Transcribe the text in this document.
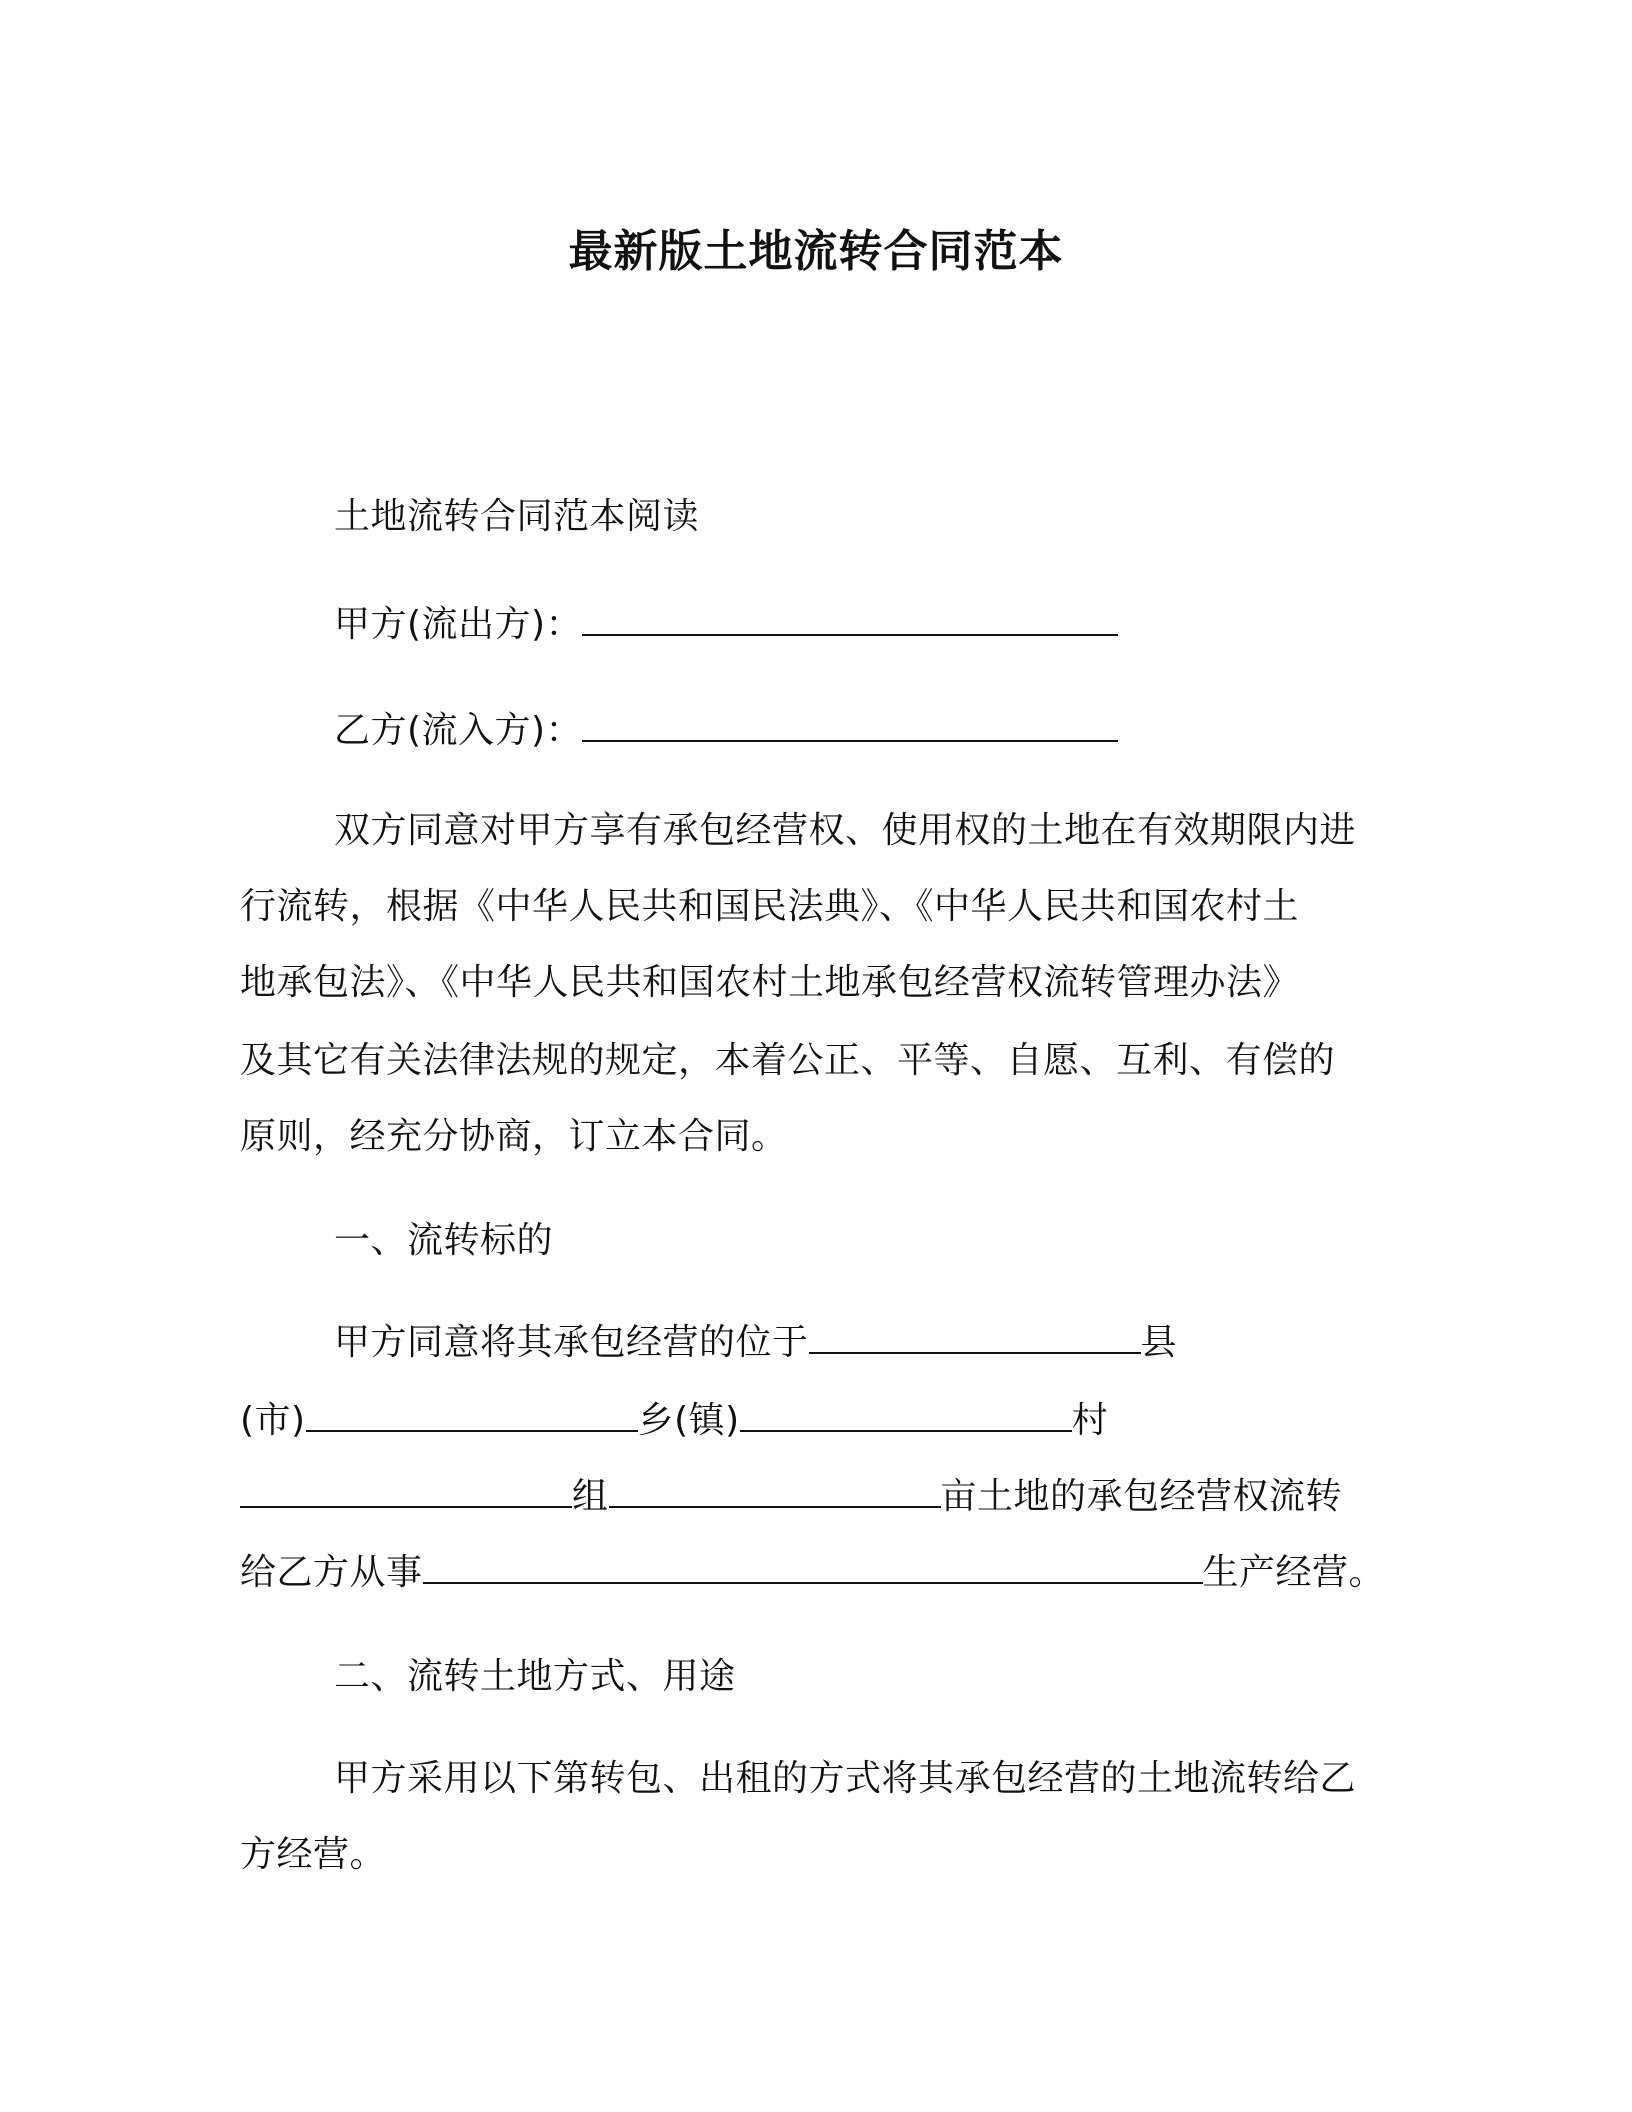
最新版土地流转合同范本
土地流转合同范本阅读
甲方(流出方)：
乙方(流入方)：
双方同意对甲方享有承包经营权、使用权的土地在有效期限内进
行流转，根据《中华人民共和国民法典》、《中华人民共和国农村土
地承包法》、《中华人民共和国农村土地承包经营权流转管理办法》
及其它有关法律法规的规定，本着公正、平等、自愿、互利、有偿的
原则，经充分协商，订立本合同。
一、流转标的
甲方同意将其承包经营的位于	县
(市)	乡(镇)	村
组	亩土地的承包经营权流转
给乙方从事	生产经营。
二、流转土地方式、用途
甲方采用以下第转包、出租的方式将其承包经营的土地流转给乙
方经营。
